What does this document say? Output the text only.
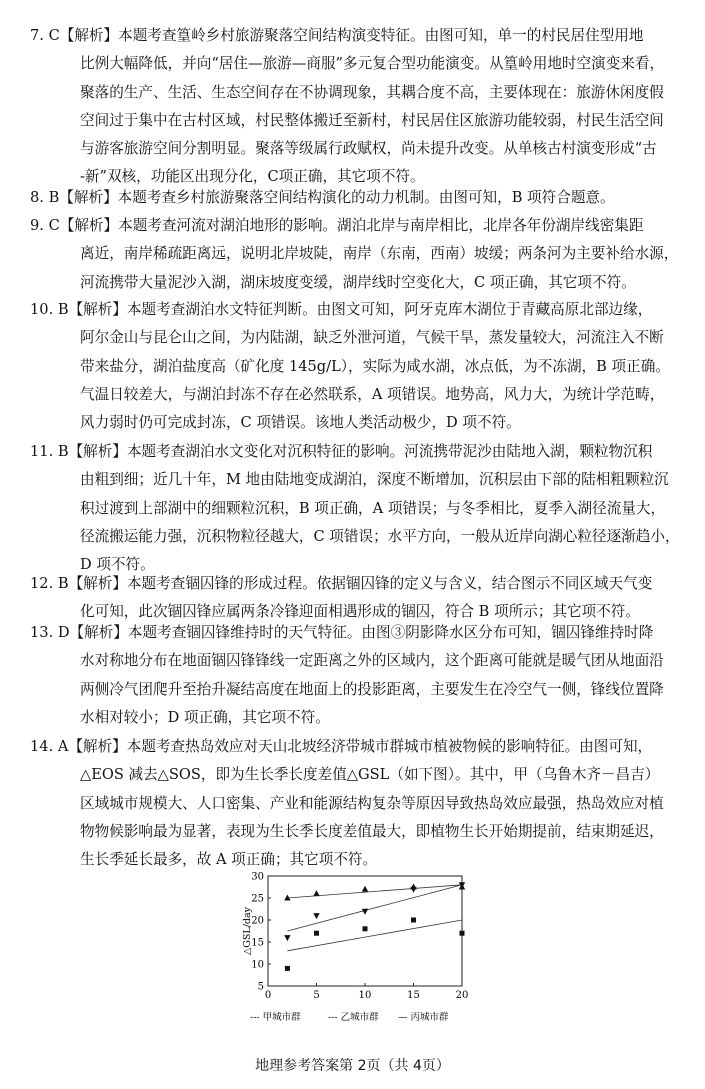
7. C【解析】本题考查篁岭乡村旅游聚落空间结构演变特征。由图可知，单一的村民居住型用地
比例大幅降低，并向“居住—旅游—商服”多元复合型功能演变。从篁岭用地时空演变来看，
聚落的生产、生活、生态空间存在不协调现象，其耦合度不高，主要体现在：旅游休闲度假
空间过于集中在古村区域，村民整体搬迁至新村，村民居住区旅游功能较弱，村民生活空间
与游客旅游空间分割明显。聚落等级属行政赋权，尚未提升改变。从单核古村演变形成“古
-新”双核，功能区出现分化，C项正确，其它项不符。
8. B【解析】本题考查乡村旅游聚落空间结构演化的动力机制。由图可知，B 项符合题意。
9. C【解析】本题考查河流对湖泊地形的影响。湖泊北岸与南岸相比，北岸各年份湖岸线密集距
离近，南岸稀疏距离远，说明北岸坡陡，南岸（东南，西南）坡缓；两条河为主要补给水源，
河流携带大量泥沙入湖，湖床坡度变缓，湖岸线时空变化大，C 项正确，其它项不符。
10. B【解析】本题考查湖泊水文特征判断。由图文可知，阿牙克库木湖位于青藏高原北部边缘，
阿尔金山与昆仑山之间，为内陆湖，缺乏外泄河道，气候干旱，蒸发量较大，河流注入不断
带来盐分，湖泊盐度高（矿化度 145g/L），实际为咸水湖，冰点低，为不冻湖，B 项正确。
气温日较差大，与湖泊封冻不存在必然联系，A 项错误。地势高，风力大，为统计学范畴，
风力弱时仍可完成封冻，C 项错误。该地人类活动极少，D 项不符。
11. B【解析】本题考查湖泊水文变化对沉积特征的影响。河流携带泥沙由陆地入湖，颗粒物沉积
由粗到细；近几十年，M 地由陆地变成湖泊，深度不断增加，沉积层由下部的陆相粗颗粒沉
积过渡到上部湖中的细颗粒沉积，B 项正确，A 项错误；与冬季相比，夏季入湖径流量大，
径流搬运能力强，沉积物粒径越大，C 项错误；水平方向，一般从近岸向湖心粒径逐渐趋小，
D 项不符。
12. B【解析】本题考查锢囚锋的形成过程。依据锢囚锋的定义与含义，结合图示不同区域天气变
化可知，此次锢囚锋应属两条冷锋迎面相遇形成的锢囚，符合 B 项所示；其它项不符。
13. D【解析】本题考查锢囚锋维持时的天气特征。由图③阴影降水区分布可知，锢囚锋维持时降
水对称地分布在地面锢囚锋锋线一定距离之外的区域内，这个距离可能就是暖气团从地面沿
两侧冷气团爬升至抬升凝结高度在地面上的投影距离，主要发生在冷空气一侧，锋线位置降
水相对较小；D 项正确，其它项不符。
14. A【解析】本题考查热岛效应对天山北坡经济带城市群城市植被物候的影响特征。由图可知，
△EOS 减去△SOS，即为生长季长度差值△GSL（如下图）。其中，甲（乌鲁木齐－昌吉）
区域城市规模大、人口密集、产业和能源结构复杂等原因导致热岛效应最强，热岛效应对植
物物候影响最为显著，表现为生长季长度差值最大，即植物生长开始期提前，结束期延迟，
生长季延长最多，故 A 项正确；其它项不符。
5
10
15
20
25
30
0	5	10	15	20
△GSL/day
--- 甲城市群	--- 乙城市群 — 丙城市群
地理参考答案第 2页（共 4页）
